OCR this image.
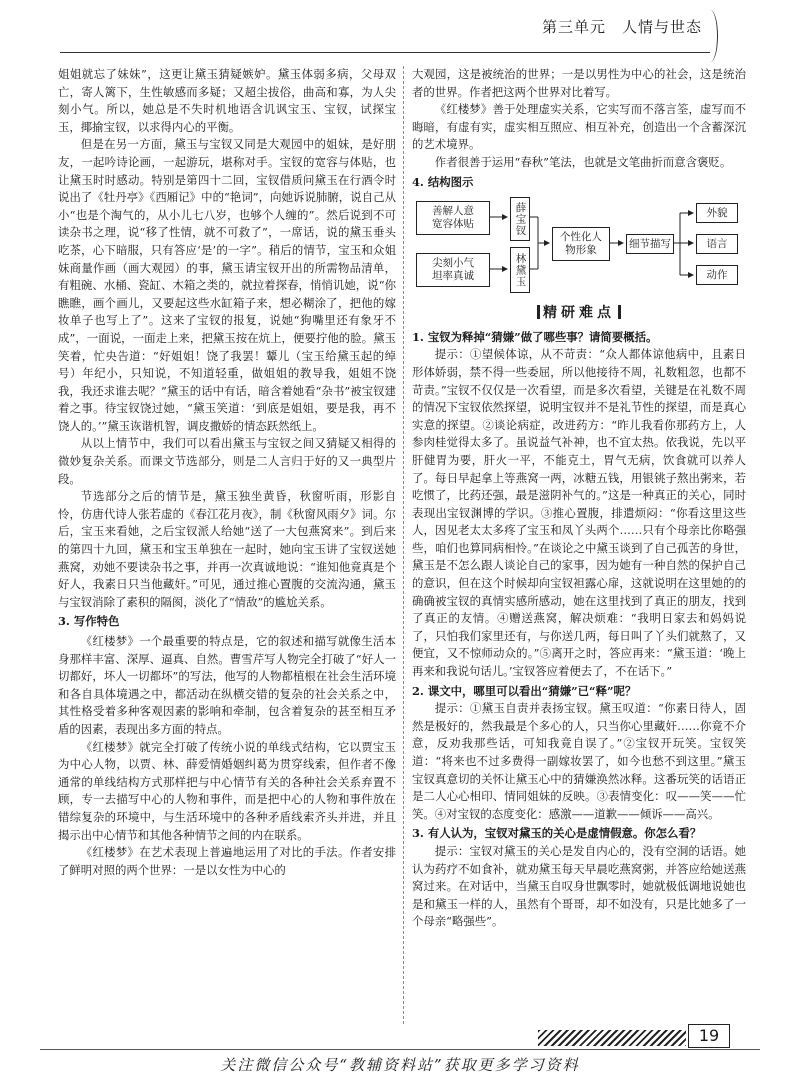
第三单元　人情与世态

姐姐就忘了妹妹”，这更让黛玉猜疑嫉妒。黛玉体弱多病，父母双亡，寄人篱下，生性敏感而多疑；又超尘拔俗，曲高和寡，为人尖刻小气。所以，她总是不失时机地语含讥讽宝玉、宝钗，试探宝玉，揶揄宝钗，以求得内心的平衡。

但是在另一方面，黛玉与宝钗又同是大观园中的姐妹，是好朋友，一起吟诗论画，一起游玩，堪称对手。宝钗的宽容与体贴，也让黛玉时时感动。特别是第四十二回，宝钗借质问黛玉在行酒令时说出了《牡丹亭》《西厢记》中的“艳词”，向她诉说肺腑，说自己从小“也是个淘气的，从小儿七八岁，也够个人缠的”。然后说到不可读杂书之理，说“移了性情，就不可救了”，一席话，说的黛玉垂头吃茶，心下暗服，只有答应‘是’的一字”。稍后的情节，宝玉和众姐妹商量作画（画大观园）的事，黛玉请宝钗开出的所需物品清单，有粗碗、水桶、瓷缸、木箱之类的，就拉着探春，悄悄讥她，说“你瞧瞧，画个画儿，又要起这些水缸箱子来，想必糊涂了，把他的嫁妆单子也写上了”。这来了宝钗的报复，说她“狗嘴里还有象牙不成”，一面说，一面走上来，把黛玉按在炕上，便要拧他的脸。黛玉笑着，忙央告道：“好姐姐！饶了我罢！颦儿（宝玉给黛玉起的绰号）年纪小，只知说，不知道轻重，做姐姐的教导我，姐姐不饶我，我还求谁去呢？”黛玉的话中有话，暗含着她看“杂书”被宝钗建着之事。待宝钗饶过她，“黛玉笑道：‘到底是姐姐，要是我，再不饶人的。’”黛玉诙谐机智，调皮撒娇的情态跃然纸上。

从以上情节中，我们可以看出黛玉与宝钗之间又猜疑又相得的微妙复杂关系。而课文节选部分，则是二人言归于好的又一典型片段。

节选部分之后的情节是，黛玉独坐黄昏，秋窗听雨，形影自怜，仿唐代诗人张若虚的《春江花月夜》，制《秋窗风雨夕》词。尔后，宝玉来看她，之后宝钗派人给她“送了一大包燕窝来”。到后来的第四十九回，黛玉和宝玉单独在一起时，她向宝玉讲了宝钗送她燕窝，劝她不要读杂书之事，并再一次真诚地说：“谁知他竟真是个好人，我素日只当他藏奸。”可见，通过推心置腹的交流沟通，黛玉与宝钗消除了素积的隔阂，淡化了“情敌”的尴尬关系。

3. 写作特色

《红楼梦》一个最重要的特点是，它的叙述和描写就像生活本身那样丰富、深厚、逼真、自然。曹雪芹写人物完全打破了“好人一切都好，坏人一切都坏”的写法，他写的人物都植根在社会生活环境和各自具体境遇之中，都活动在纵横交错的复杂的社会关系之中，其性格受着多种客观因素的影响和牵制，包含着复杂的甚至相互矛盾的因素，表现出多方面的特点。

《红楼梦》就完全打破了传统小说的单线式结构，它以贾宝玉为中心人物，以贾、林、薛爱情婚姻纠葛为贯穿线索，但作者不像通常的单线结构方式那样把与中心情节有关的各种社会关系弃置不顾，专一去描写中心的人物和事件，而是把中心的人物和事件放在错综复杂的环境中，与生活环境中的各种矛盾线索齐头并进，并且揭示出中心情节和其他各种情节之间的内在联系。

《红楼梦》在艺术表现上普遍地运用了对比的手法。作者安排了鲜明对照的两个世界：一是以女性为中心的

大观园，这是被统治的世界；一是以男性为中心的社会，这是统治者的世界。作者把这两个世界对比着写。

《红楼梦》善于处理虚实关系，它实写而不落言筌，虚写而不晦暗，有虚有实，虚实相互照应、相互补充，创造出一个含蓄深沉的艺术境界。

作者很善于运用“春秋”笔法，也就是文笔曲折而意含褒贬。

4. 结构图示
善解人意
宽容体贴
尖刻小气
坦率真诚
薛宝钗
林黛玉
个性化人
物形象
细节描写
外貌
语言
动作
精研难点
1. 宝钗为释掉“猜嫌”做了哪些事？请简要概括。

提示：①望候体谅，从不苛责：“众人都体谅他病中，且素日形体娇弱，禁不得一些委屈，所以他接待不周，礼数粗忽，也都不苛责。”宝钗不仅仅是一次看望，而是多次看望，关键是在礼数不周的情况下宝钗依然探望，说明宝钗并不是礼节性的探望，而是真心实意的探望。②谈论病症，改进药方：“昨儿我看你那药方上，人参肉桂觉得太多了。虽说益气补神，也不宜太热。依我说，先以平肝健胃为要，肝火一平，不能克土，胃气无病，饮食就可以养人了。每日早起拿上等燕窝一两，冰糖五钱，用银铫子熬出粥来，若吃惯了，比药还强，最是滋阴补气的。”这是一种真正的关心，同时表现出宝钗渊博的学识。③推心置腹，排遣烦闷：“你看这里这些人，因见老太太多疼了宝玉和凤丫头两个……只有个母亲比你略强些，咱们也算同病相怜。”在谈论之中黛玉谈到了自己孤苦的身世，黛玉是不怎么跟人谈论自己的家事，因为她有一种自然的保护自己的意识，但在这个时候却向宝钗袒露心扉，这就说明在这里她的的确确被宝钗的真情实感所感动，她在这里找到了真正的朋友，找到了真正的友情。④赠送燕窝，解决烦难：“我明日家去和妈妈说了，只怕我们家里还有，与你送几两，每日叫了丫头们就熬了，又便宜，又不惊师动众的。”⑤离开之时，答应再来：“黛玉道：‘晚上再来和我说句话儿。’宝钗答应着便去了，不在话下。”

2. 课文中，哪里可以看出“猜嫌”已“释”呢？

提示：①黛玉自责并表扬宝钗。黛玉叹道：“你素日待人，固然是极好的，然我最是个多心的人，只当你心里藏奸……你竟不介意，反劝我那些话，可知我竟自误了。”②宝钗开玩笑。宝钗笑道：“将来也不过多费得一副嫁妆罢了，如今也愁不到这里。”黛玉宝钗真意切的关怀让黛玉心中的猜嫌涣然冰释。这番玩笑的话语正是二人心心相印、情同姐妹的反映。③表情变化：叹——笑——忙笑。④对宝钗的态度变化：感激——道歉——倾诉——高兴。

3. 有人认为，宝钗对黛玉的关心是虚情假意。你怎么看？

提示：宝钗对黛玉的关心是发自内心的，没有空洞的话语。她认为药疗不如食补，就劝黛玉每天早晨吃燕窝粥，并答应给她送燕窝过来。在对话中，当黛玉自叹身世飘零时，她就极低调地说她也是和黛玉一样的人，虽然有个哥哥，却不如没有，只是比她多了一个母亲“略强些”。

19
关注微信公众号“教辅资料站”获取更多学习资料
